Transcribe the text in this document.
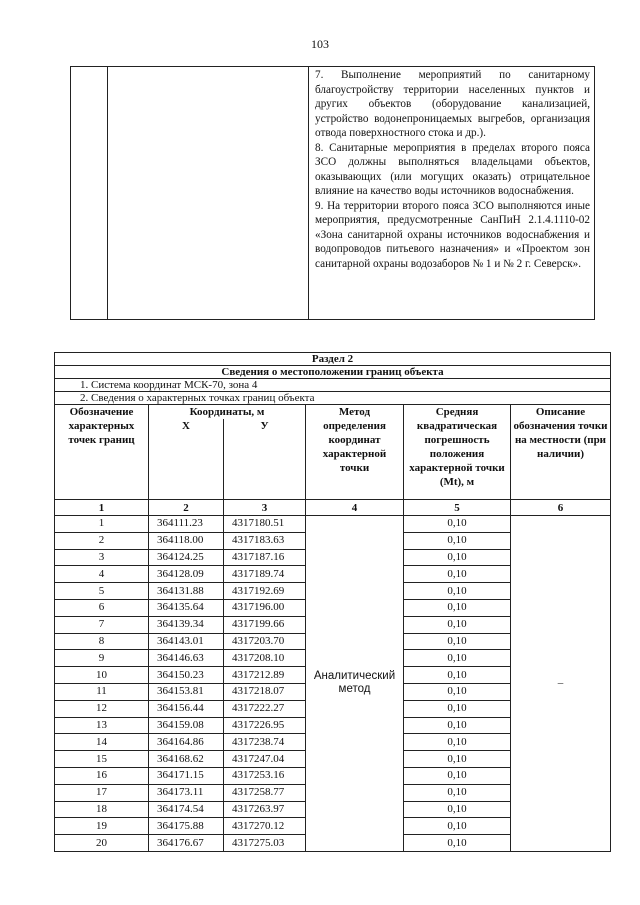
103

7. Выполнение мероприятий по санитарному благоустройству территории населенных пунктов и других объектов (оборудование канализацией, устройство водонепроницаемых выгребов, организация отвода поверхностного стока и др.).

8. Санитарные мероприятия в пределах второго пояса ЗСО должны выполняться владельцами объектов, оказывающих (или могущих оказать) отрицательное влияние на качество воды источников водоснабжения.

9. На территории второго пояса ЗСО выполняются иные мероприятия, предусмотренные СанПиН 2.1.4.1110-02 «Зона санитарной охраны источников водоснабжения и водопроводов питьевого назначения» и «Проектом зон санитарной охраны водозаборов № 1 и № 2 г. Северск».

Раздел 2					
Сведения о местоположении границ объекта					
1. Система координат МСК-70, зона 4					
2. Сведения о характерных точках границ объекта					
Обозначение характерных точек границ	Координаты, м		Метод определения координат характерной точки	Средняя квадратическая погрешность положения характерной точки (Mt), м	Описание обозначения точки на местности (при наличии)
	X	У			
1	2	3	4	5	6
1	364111.23	4317180.51	Аналитический метод	0,10	–
2	364118.00	4317183.63		0,10	
3	364124.25	4317187.16		0,10	
4	364128.09	4317189.74		0,10	
5	364131.88	4317192.69		0,10	
6	364135.64	4317196.00		0,10	
7	364139.34	4317199.66		0,10	
8	364143.01	4317203.70		0,10	
9	364146.63	4317208.10		0,10	
10	364150.23	4317212.89		0,10	
11	364153.81	4317218.07		0,10	
12	364156.44	4317222.27		0,10	
13	364159.08	4317226.95		0,10	
14	364164.86	4317238.74		0,10	
15	364168.62	4317247.04		0,10	
16	364171.15	4317253.16		0,10	
17	364173.11	4317258.77		0,10	
18	364174.54	4317263.97		0,10	
19	364175.88	4317270.12		0,10	
20	364176.67	4317275.03		0,10	
